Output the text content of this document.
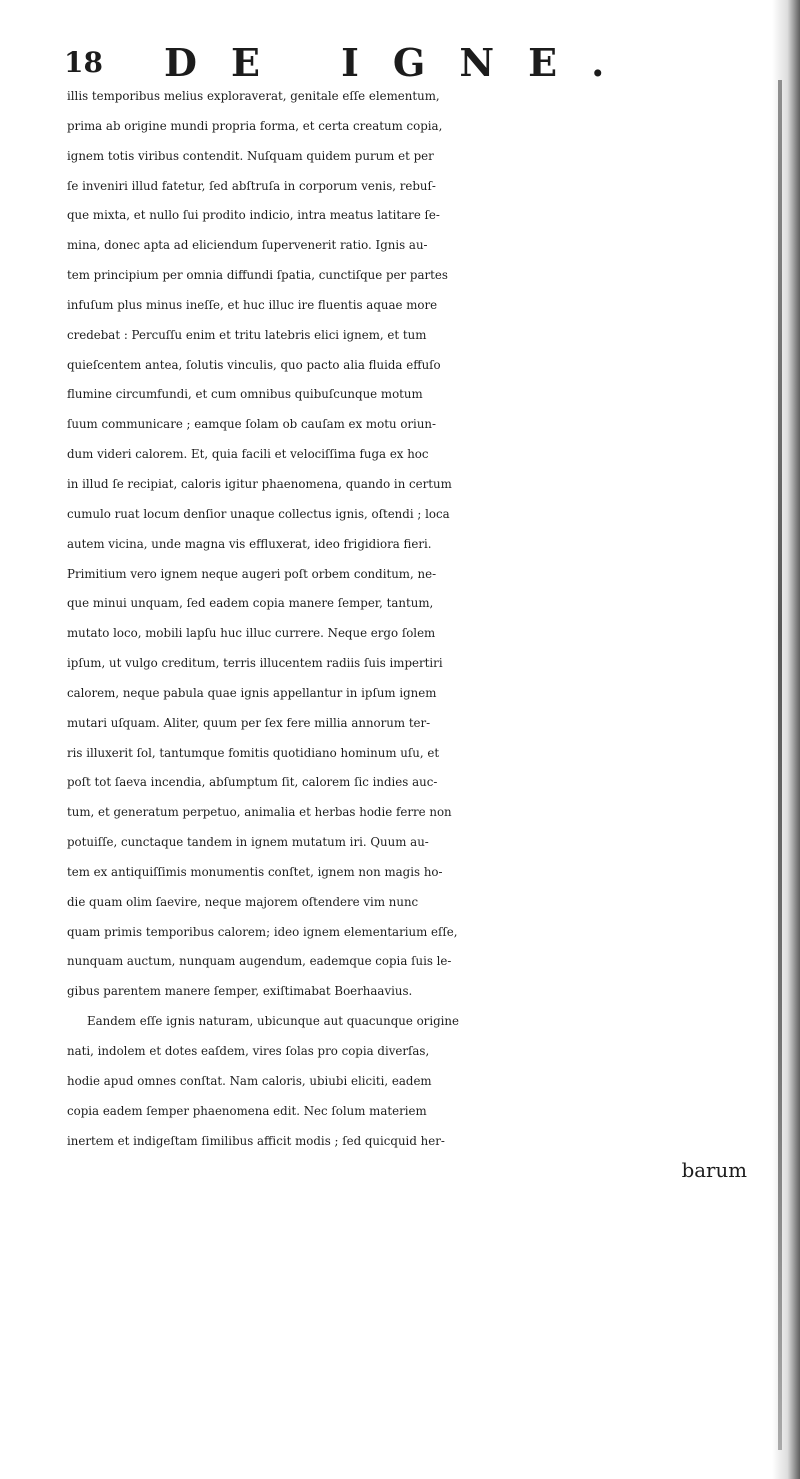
18 DE IGNE.
illis temporibus melius exploraverat, genitale eſſe elementum,
prima ab origine mundi propria forma, et certa creatum copia,
ignem totis viribus contendit. Nuſquam quidem purum et per
ſe inveniri illud fatetur, ſed abſtruſa in corporum venis, rebuſ-
que mixta, et nullo ſui prodito indicio, intra meatus latitare ſe-
mina, donec apta ad eliciendum ſupervenerit ratio. Ignis au-
tem principium per omnia diffundi ſpatia, cunctiſque per partes
infuſum plus minus ineſſe, et huc illuc ire fluentis aquae more
credebat : Percuſſu enim et tritu latebris elici ignem, et tum
quieſcentem antea, ſolutis vinculis, quo pacto alia fluida effuſo
flumine circumfundi, et cum omnibus quibuſcunque motum
ſuum communicare ; eamque ſolam ob cauſam ex motu oriun-
dum videri calorem. Et, quia facili et velociſſima fuga ex hoc
in illud ſe recipiat, caloris igitur phaenomena, quando in certum
cumulo ruat locum denſior unaque collectus ignis, oſtendi ; loca
autem vicina, unde magna vis effluxerat, ideo frigidiora fieri.
Primitium vero ignem neque augeri poſt orbem conditum, ne-
que minui unquam, ſed eadem copia manere ſemper, tantum,
mutato loco, mobili lapſu huc illuc currere. Neque ergo ſolem
ipſum, ut vulgo creditum, terris illucentem radiis ſuis impertiri
calorem, neque pabula quae ignis appellantur in ipſum ignem
mutari uſquam. Aliter, quum per ſex fere millia annorum ter-
ris illuxerit ſol, tantumque fomitis quotidiano hominum uſu, et
poſt tot ſaeva incendia, abſumptum ſit, calorem ſic indies auc-
tum, et generatum perpetuo, animalia et herbas hodie ferre non
potuiſſe, cunctaque tandem in ignem mutatum iri. Quum au-
tem ex antiquiſſimis monumentis conſtet, ignem non magis ho-
die quam olim ſaevire, neque majorem oſtendere vim nunc
quam primis temporibus calorem; ideo ignem elementarium eſſe,
nunquam auctum, nunquam augendum, eademque copia ſuis le-
gibus parentem manere ſemper, exiſtimabat Boerhaavius.
Eandem eſſe ignis naturam, ubicunque aut quacunque origine
nati, indolem et dotes eaſdem, vires ſolas pro copia diverſas,
hodie apud omnes conſtat. Nam caloris, ubiubi eliciti, eadem
copia eadem ſemper phaenomena edit. Nec ſolum materiem
inertem et indigeſtam ſimilibus afficit modis ; ſed quicquid her-
barum
